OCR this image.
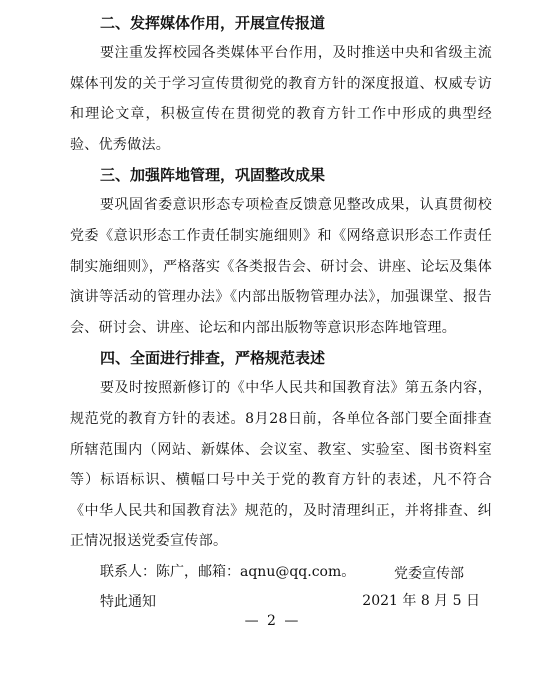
二、发挥媒体作用，开展宣传报道
要注重发挥校园各类媒体平台作用，及时推送中央和省级主流媒体刊发的关于学习宣传贯彻党的教育方针的深度报道、权威专访和理论文章，积极宣传在贯彻党的教育方针工作中形成的典型经验、优秀做法。
三、加强阵地管理，巩固整改成果
要巩固省委意识形态专项检查反馈意见整改成果，认真贯彻校党委《意识形态工作责任制实施细则》和《网络意识形态工作责任制实施细则》，严格落实《各类报告会、研讨会、讲座、论坛及集体演讲等活动的管理办法》《内部出版物管理办法》，加强课堂、报告会、研讨会、讲座、论坛和内部出版物等意识形态阵地管理。
四、全面进行排查，严格规范表述
要及时按照新修订的《中华人民共和国教育法》第五条内容，规范党的教育方针的表述。8月28日前，各单位各部门要全面排查所辖范围内（网站、新媒体、会议室、教室、实验室、图书资料室等）标语标识、横幅口号中关于党的教育方针的表述，凡不符合《中华人民共和国教育法》规范的，及时清理纠正，并将排查、纠正情况报送党委宣传部。
联系人：陈广，邮箱：aqnu@qq.com。
特此通知
党委宣传部
2021 年 8 月 5 日
— 2 —
